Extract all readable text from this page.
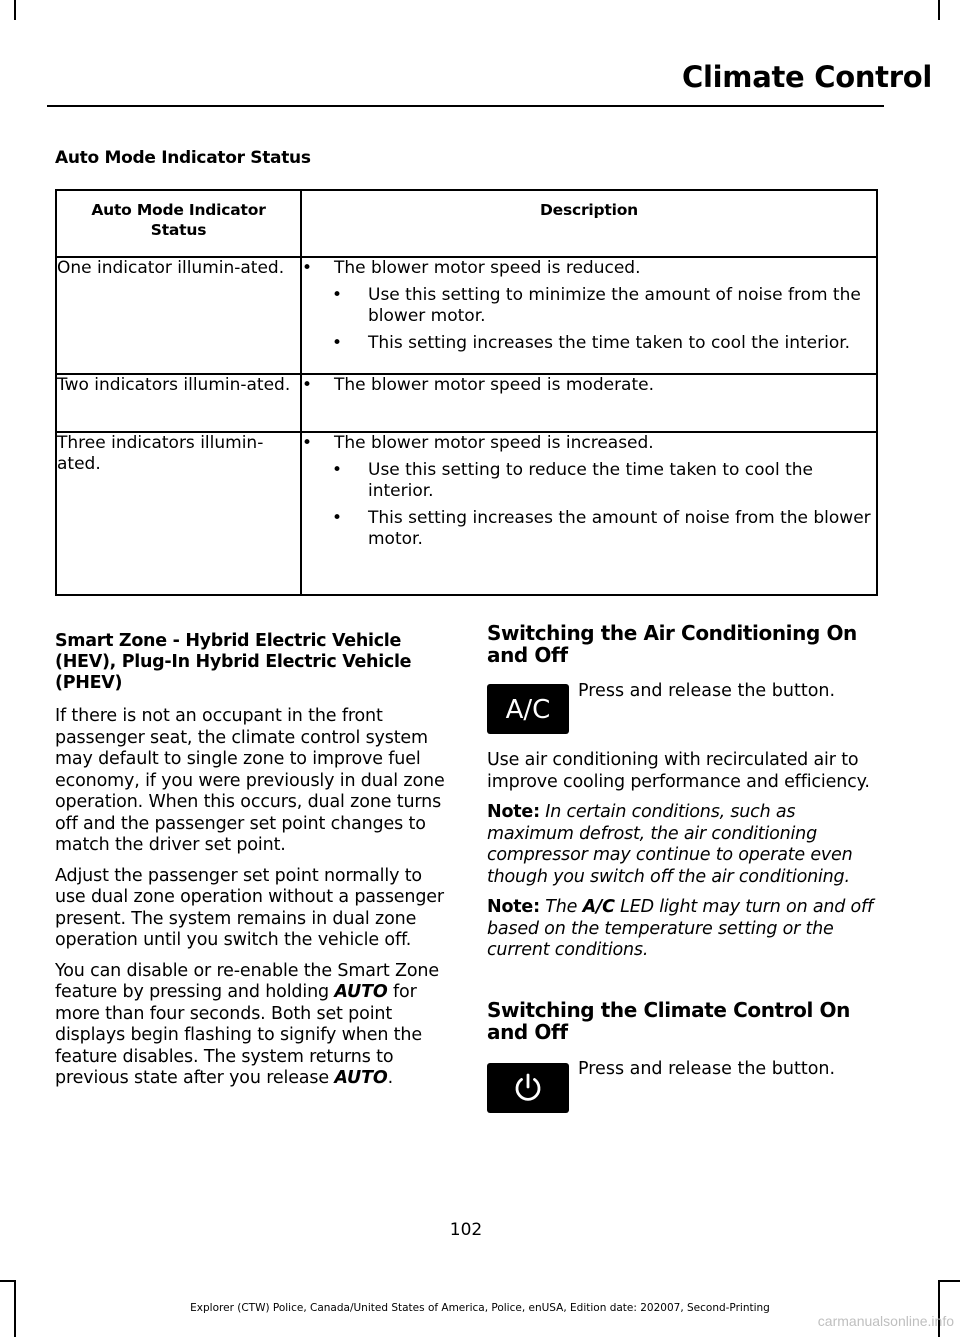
Climate Control
Auto Mode Indicator Status
Auto Mode Indicator Status	Description
One indicator illumin-ated.	• The blower motor speed is reduced.

• Use this setting to minimize the amount of noise from the blower motor.

• This setting increases the time taken to cool the interior.

Two indicators illumin-ated.	• The blower motor speed is moderate.

Three indicators illumin-ated.	• The blower motor speed is increased.

• Use this setting to reduce the time taken to cool the interior.

• This setting increases the amount of noise from the blower motor.

Smart Zone - Hybrid Electric Vehicle (HEV), Plug-In Hybrid Electric Vehicle (PHEV)

If there is not an occupant in the front passenger seat, the climate control system may default to single zone to improve fuel economy, if you were previously in dual zone operation. When this occurs, dual zone turns off and the passenger set point changes to match the driver set point.

Adjust the passenger set point normally to use dual zone operation without a passenger present. The system remains in dual zone operation until you switch the vehicle off.

You can disable or re-enable the Smart Zone feature by pressing and holding AUTO for more than four seconds. Both set point displays begin flashing to signify when the feature disables. The system returns to previous state after you release AUTO.

Switching the Air Conditioning On and Off
A/C
Press and release the button.

Use air conditioning with recirculated air to improve cooling performance and efficiency.

Note: In certain conditions, such as maximum defrost, the air conditioning compressor may continue to operate even though you switch off the air conditioning.

Note: The A/C LED light may turn on and off based on the temperature setting or the current conditions.

Switching the Climate Control On and Off
Press and release the button.
102
Explorer (CTW) Police, Canada/United States of America, Police, enUSA, Edition date: 202007, Second-Printing
carmanualsonline.info
